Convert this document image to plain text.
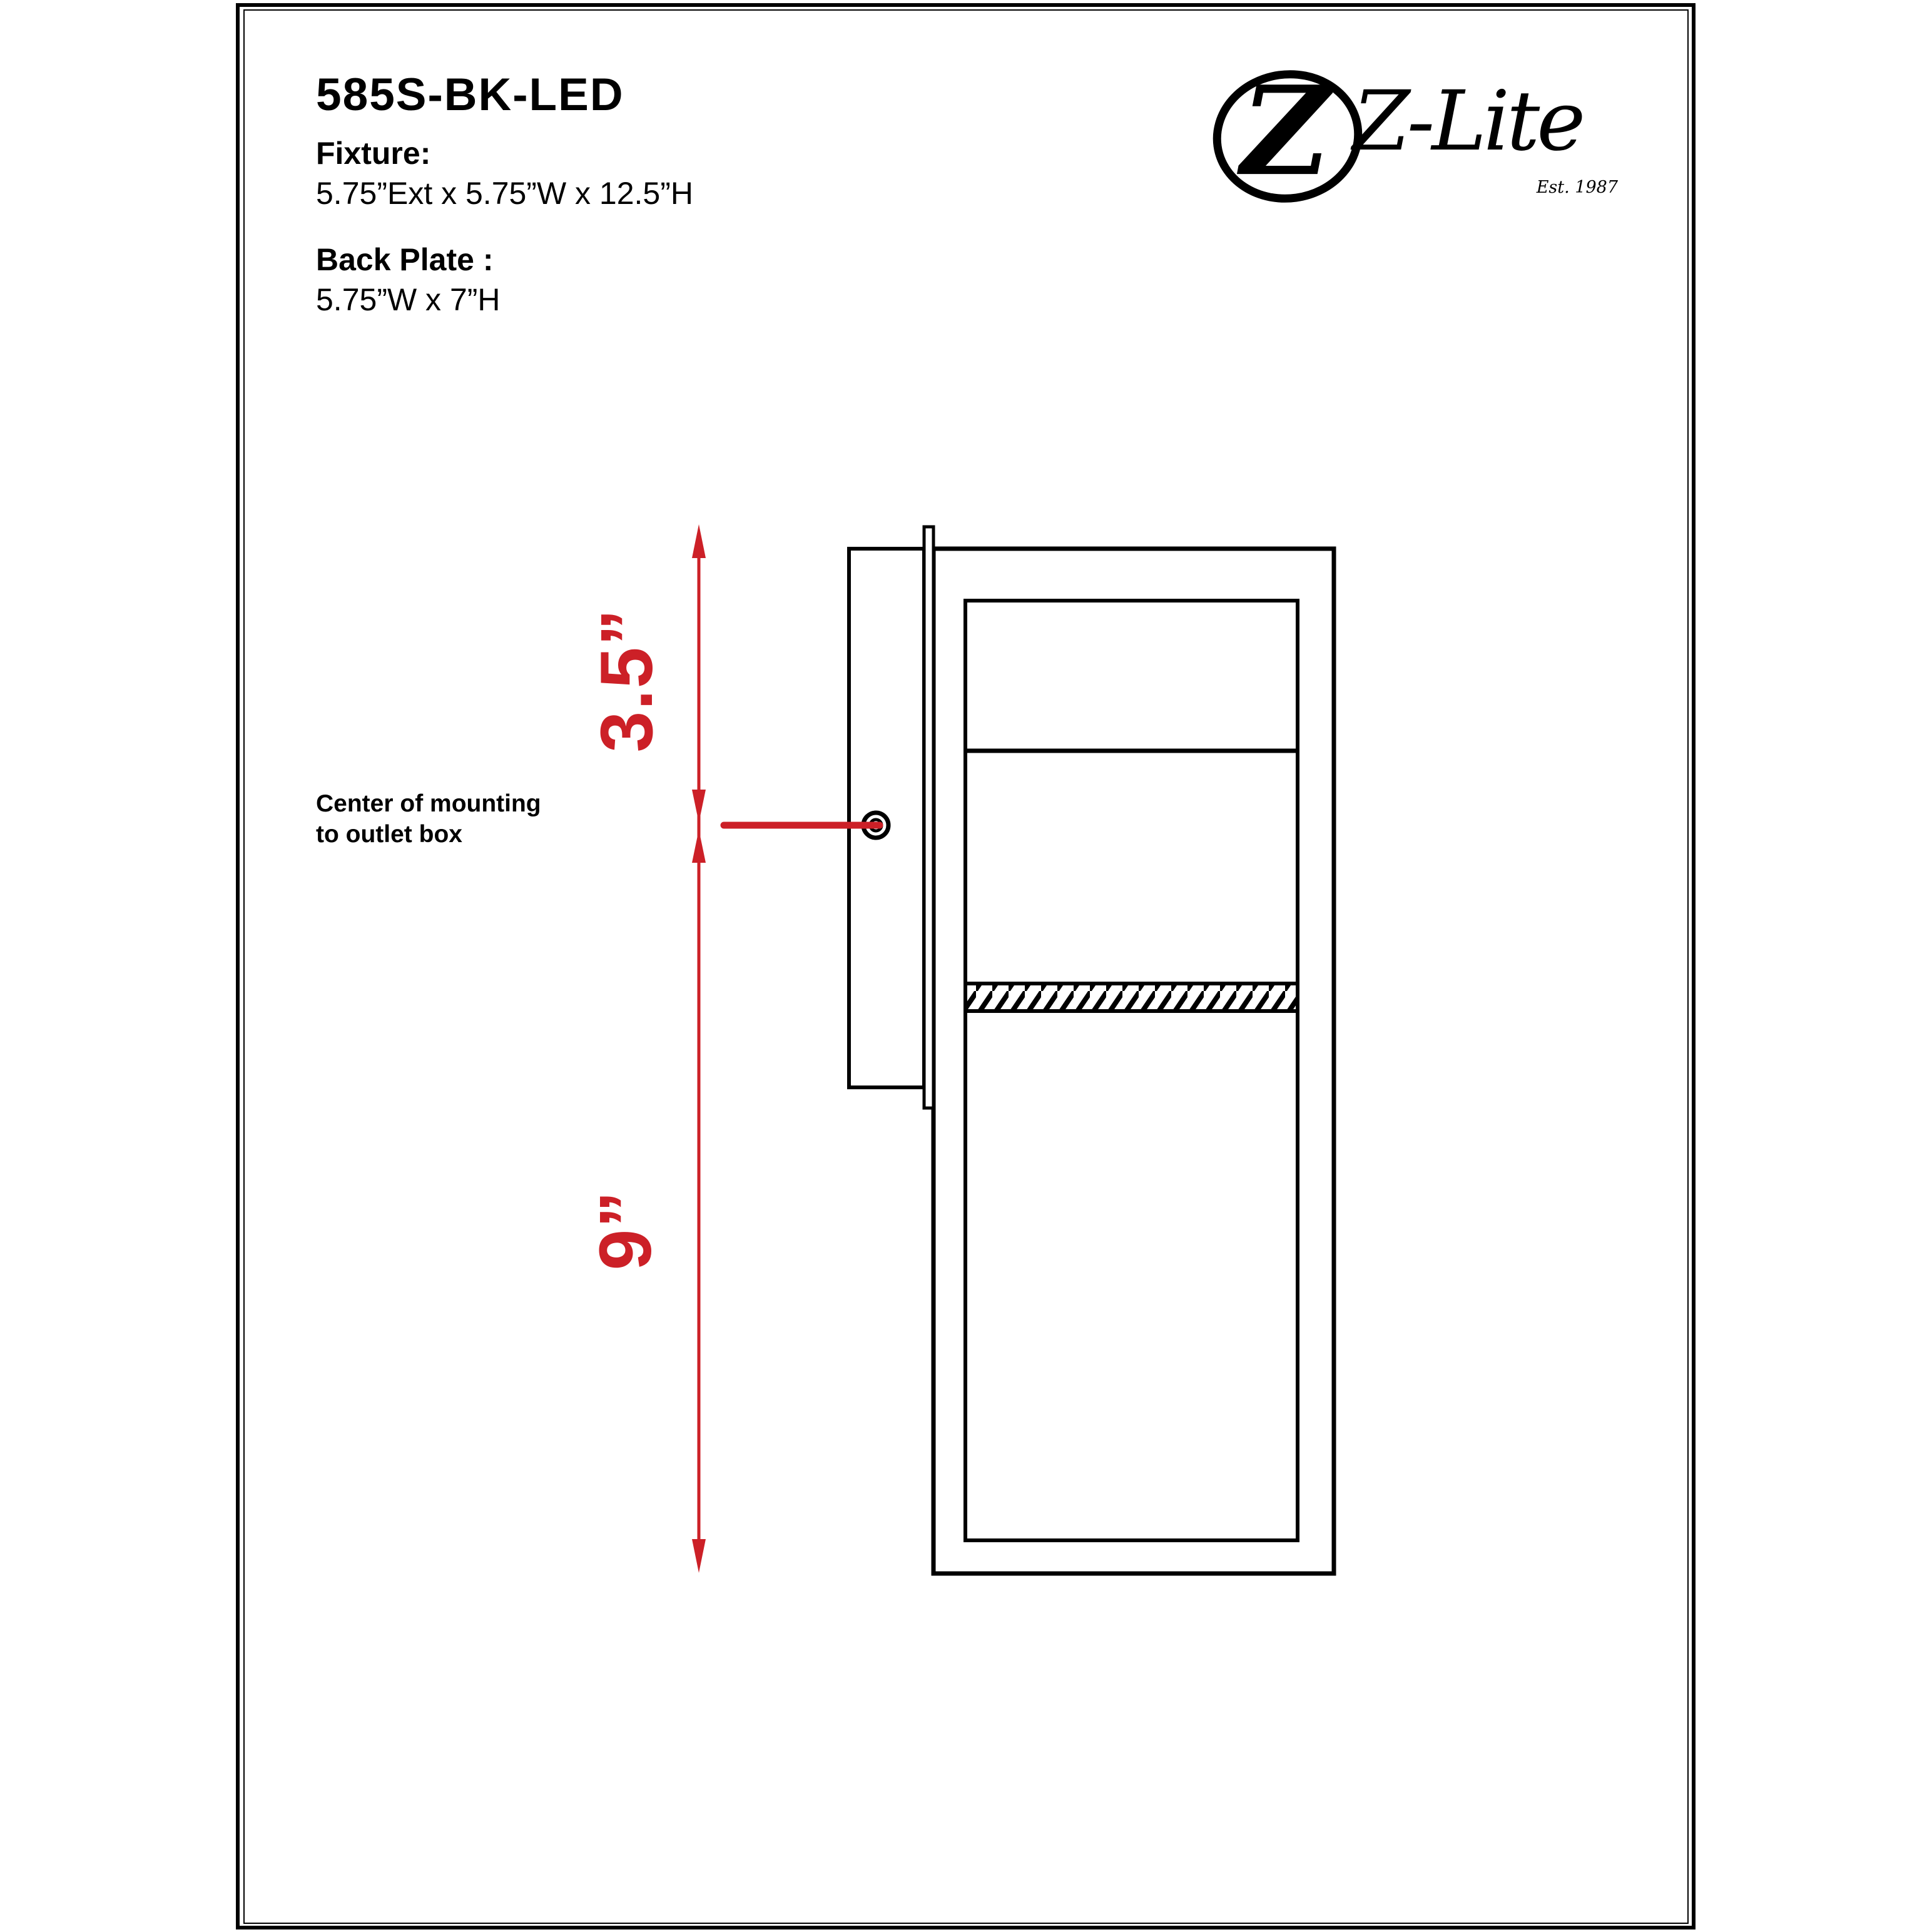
585S-BK-LED
Fixture:
5.75”Ext x 5.75”W x 12.5”H
Back Plate :
5.75”W x 7”H
Z Z-Lite
Est. 1987
3.5”
9”
Center of mounting
to outlet box
